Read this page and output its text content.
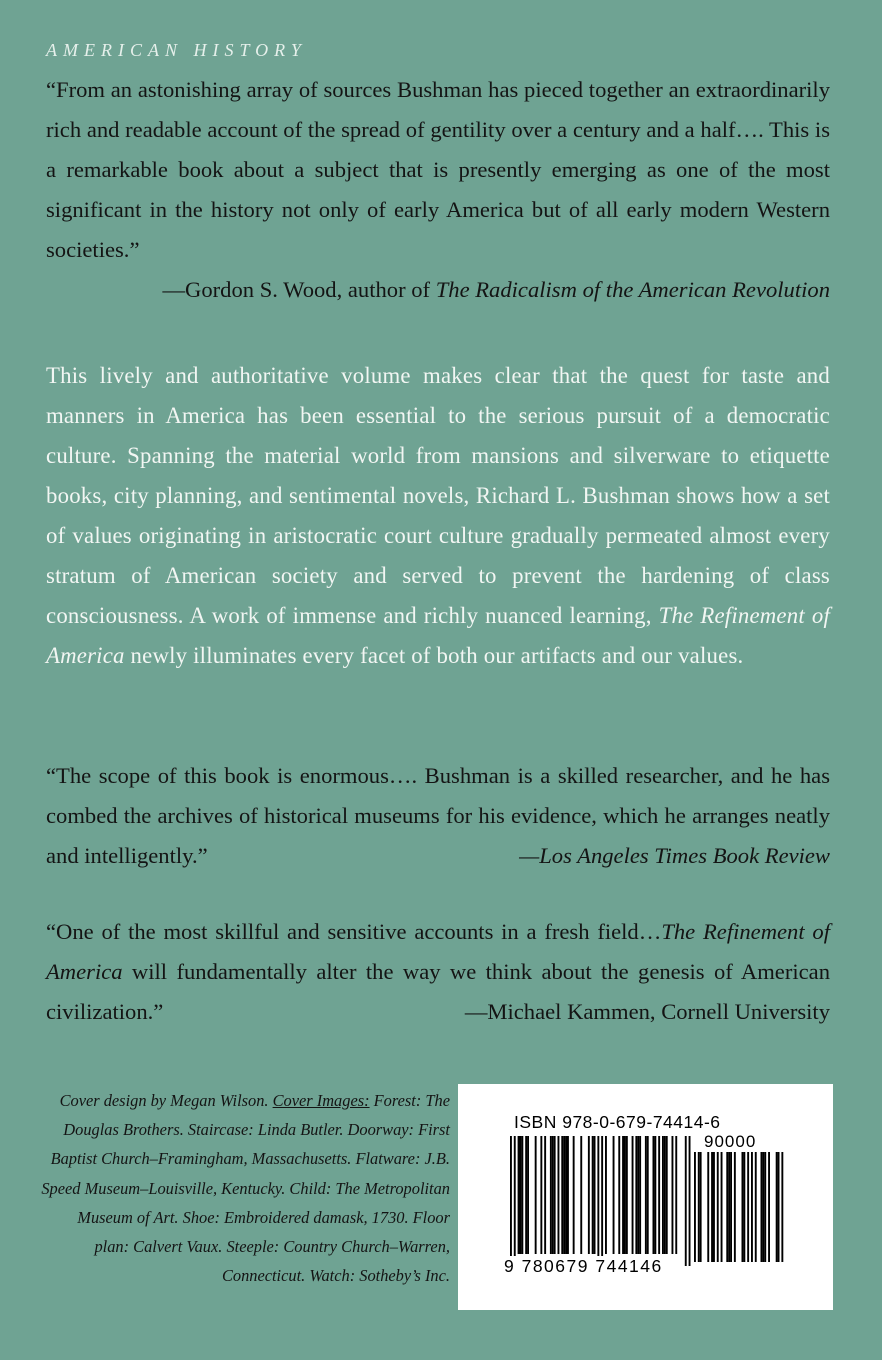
AMERICAN HISTORY
“From an astonishing array of sources Bushman has pieced together an extraordinarily rich and readable account of the spread of gentility over a century and a half…. This is a remarkable book about a subject that is presently emerging as one of the most significant in the history not only of early America but of all early modern Western societies.”
—Gordon S. Wood, author of The Radicalism of the American Revolution
This lively and authoritative volume makes clear that the quest for taste and manners in America has been essential to the serious pursuit of a democratic culture. Spanning the material world from mansions and silverware to etiquette books, city planning, and sentimental novels, Richard L. Bushman shows how a set of values originating in aristocratic court culture gradually permeated almost every stratum of American society and served to prevent the hardening of class consciousness. A work of immense and richly nuanced learning, The Refinement of America newly illuminates every facet of both our artifacts and our values.
“The scope of this book is enormous…. Bushman is a skilled researcher, and he has combed the archives of historical museums for his evidence, which he arranges neatly and intelligently.”	—Los Angeles Times Book Review
“One of the most skillful and sensitive accounts in a fresh field…The Refinement of America will fundamentally alter the way we think about the genesis of American civilization.”	—Michael Kammen, Cornell University
Cover design by Megan Wilson. Cover Images: Forest: The Douglas Brothers. Staircase: Linda Butler. Doorway: First Baptist Church–Framingham, Massachusetts. Flatware: J.B. Speed Museum–Louisville, Kentucky. Child: The Metropolitan Museum of Art. Shoe: Embroidered damask, 1730. Floor plan: Calvert Vaux. Steeple: Country Church–Warren, Connecticut. Watch: Sotheby’s Inc.
ISBN 978-0-679-74414-6
90000
9 780679 744146
